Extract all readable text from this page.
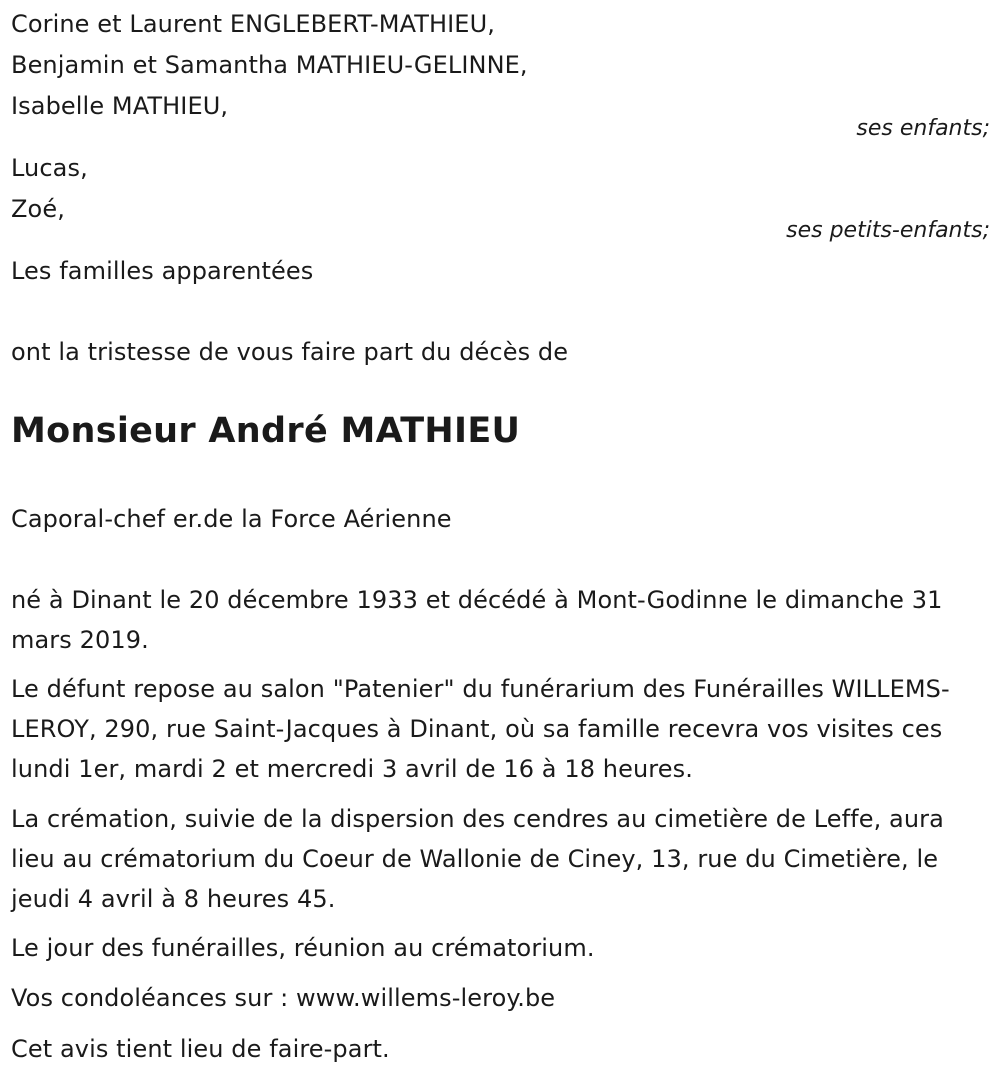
Corine et Laurent ENGLEBERT-MATHIEU,
Benjamin et Samantha MATHIEU-GELINNE,
Isabelle MATHIEU,
ses enfants;
Lucas,
Zoé,
ses petits-enfants;
Les familles apparentées
ont la tristesse de vous faire part du décès de
Monsieur André MATHIEU
Caporal-chef er.de la Force Aérienne
né à Dinant le 20 décembre 1933 et décédé à Mont-Godinne le dimanche 31 mars 2019.
Le défunt repose au salon "Patenier" du funérarium des Funérailles WILLEMS-LEROY, 290, rue Saint-Jacques à Dinant, où sa famille recevra vos visites ces lundi 1er, mardi 2 et mercredi 3 avril de 16 à 18 heures.
La crémation, suivie de la dispersion des cendres au cimetière de Leffe, aura lieu au crématorium du Coeur de Wallonie de Ciney, 13, rue du Cimetière, le jeudi 4 avril à 8 heures 45.
Le jour des funérailles, réunion au crématorium.
Vos condoléances sur : www.willems-leroy.be
Cet avis tient lieu de faire-part.
